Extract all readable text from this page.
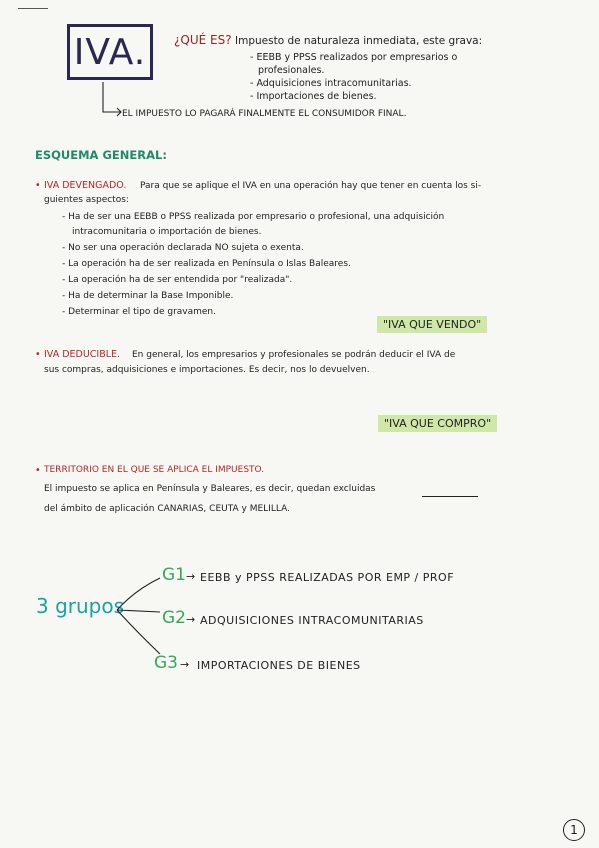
IVA.	¿QUÉ ES? Impuesto de naturaleza inmediata, este grava:
- EEBB y PPSS realizados por empresarios o
profesionales.
- Adquisiciones intracomunitarias.
- Importaciones de bienes.
EL IMPUESTO LO PAGARÁ FINALMENTE EL CONSUMIDOR FINAL.
ESQUEMA GENERAL:
• IVA DEVENGADO. Para que se aplique el IVA en una operación hay que tener en cuenta los si-
guientes aspectos:
- Ha de ser una EEBB o PPSS realizada por empresario o profesional, una adquisición
intracomunitaria o importación de bienes.
- No ser una operación declarada NO sujeta o exenta.
- La operación ha de ser realizada en Península o Islas Baleares.
- La operación ha de ser entendida por "realizada".
- Ha de determinar la Base Imponible.
- Determinar el tipo de gravamen.
"IVA QUE VENDO"
• IVA DEDUCIBLE. En general, los empresarios y profesionales se podrán deducir el IVA de
sus compras, adquisiciones e importaciones. Es decir, nos lo devuelven.
"IVA QUE COMPRO"
• TERRITORIO EN EL QUE SE APLICA EL IMPUESTO.
El impuesto se aplica en Península y Baleares, es decir, quedan excluidas
del ámbito de aplicación CANARIAS, CEUTA y MELILLA.
3 grupos
G1 → EEBB y PPSS REALIZADAS POR EMP / PROF
G2 → ADQUISICIONES INTRACOMUNITARIAS
G3 → IMPORTACIONES DE BIENES
1
